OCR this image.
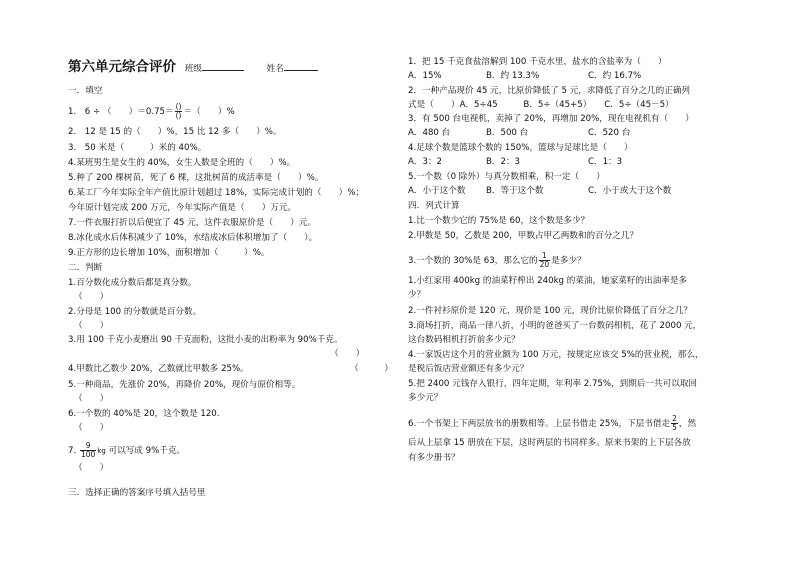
第六单元综合评价 班级	姓名
一．填空
1.　6 ÷ （　　）$=0.75= \frac{()}{()}$ ＝（　　）%
2.　12 是 15 的（　　）%，15 比 12 多（　　）%。
3.　50 米是（　　　）米的 40%。
4.某班男生是女生的 40%，女生人数是全班的（　　）%。
5.种了 200 棵树苗，死了 6 棵，这批树苗的成活率是（　　）%。
6.某工厂今年实际全年产值比原计划超过 18%，实际完成计划的（　　）%；
今年原计划完成 200 万元，今年实际产值是（　　）万元。
7.一件衣服打折以后便宜了 45 元，这件衣服原价是（　　）元。
8.冰化成水后体积减少了 10%，水结成冰后体积增加了（　　）。
9.正方形的边长增加 10%，面积增加（　　　）%。
二．判断
1.百分数化成分数后都是真分数。
（　　）
2.分母是 100 的分数就是百分数。
（　　）
3.用 100 千克小麦磨出 90 千克面粉，这批小麦的出粉率为 90%千克。
（　　）
4.甲数比乙数少 20%，乙数就比甲数多 25%。	（　　　）
5.一种商品，先涨价 20%，再降价 20%，现价与原价相等。
（　　）
6.一个数的 40%是 20，这个数是 120.
（　　）
7. $\frac{9}{100}$ kg 可以写成 9%千克。
（　　）
三．选择正确的答案序号填入括号里
1．把 15 千克食盐溶解到 100 千克水里，盐水的含盐率为（　　）
A．15%	B．约 13.3%	C．约 16.7%
2．一种产品现价 45 元，比原价降低了 5 元，求降低了百分之几的正确列
式是（　　）A．5÷45　　　B．5÷（45+5）　　C．5÷（45－5）
3．有 500 台电视机，卖掉了 20%，再增加 20%，现在电视机有（　　）
A．480 台	B．500 台	C．520 台
4.足球个数是篮球个数的 150%，篮球与足球比是（　　）
A．3：2	B．2：3	C．1：3
5.一个数（0 除外）与真分数相乘，积一定（　　）
A．小于这个数 B．等于这个数	C．小于或大于这个数
四．列式计算
1.比一个数少它的 75%是 60，这个数是多少？
2.甲数是 50，乙数是 200，甲数占甲乙两数和的百分之几？
3.一个数的 30%是 63，那么它的 $\frac{1}{20}$ 是多少？
1.小红家用 400kg 的油菜籽榨出 240kg 的菜油，她家菜籽的出油率是多
少？
2.一件衬衫原价是 120 元，现价是 100 元，现价比原价降低了百分之几？
3.商场打折，商品一律八折，小明的爸爸买了一台数码相机，花了 2000 元，
这台数码相机打折前多少元？
4.一家饭店这个月的营业额为 100 万元，按规定应该交 5%的营业税，那么，
是税后饭店营业额还有多少元？
5.把 2400 元钱存入银行，四年定期，年利率 2.75%，到期后一共可以取回
多少元？
6.一个书架上下两层放书的册数相等。上层书借走 25%，下层书借走 $\frac{2}{5}$ ，然
后从上层拿 15 册放在下层，这时两层的书同样多。原来书架的上下层各放
有多少册书？
